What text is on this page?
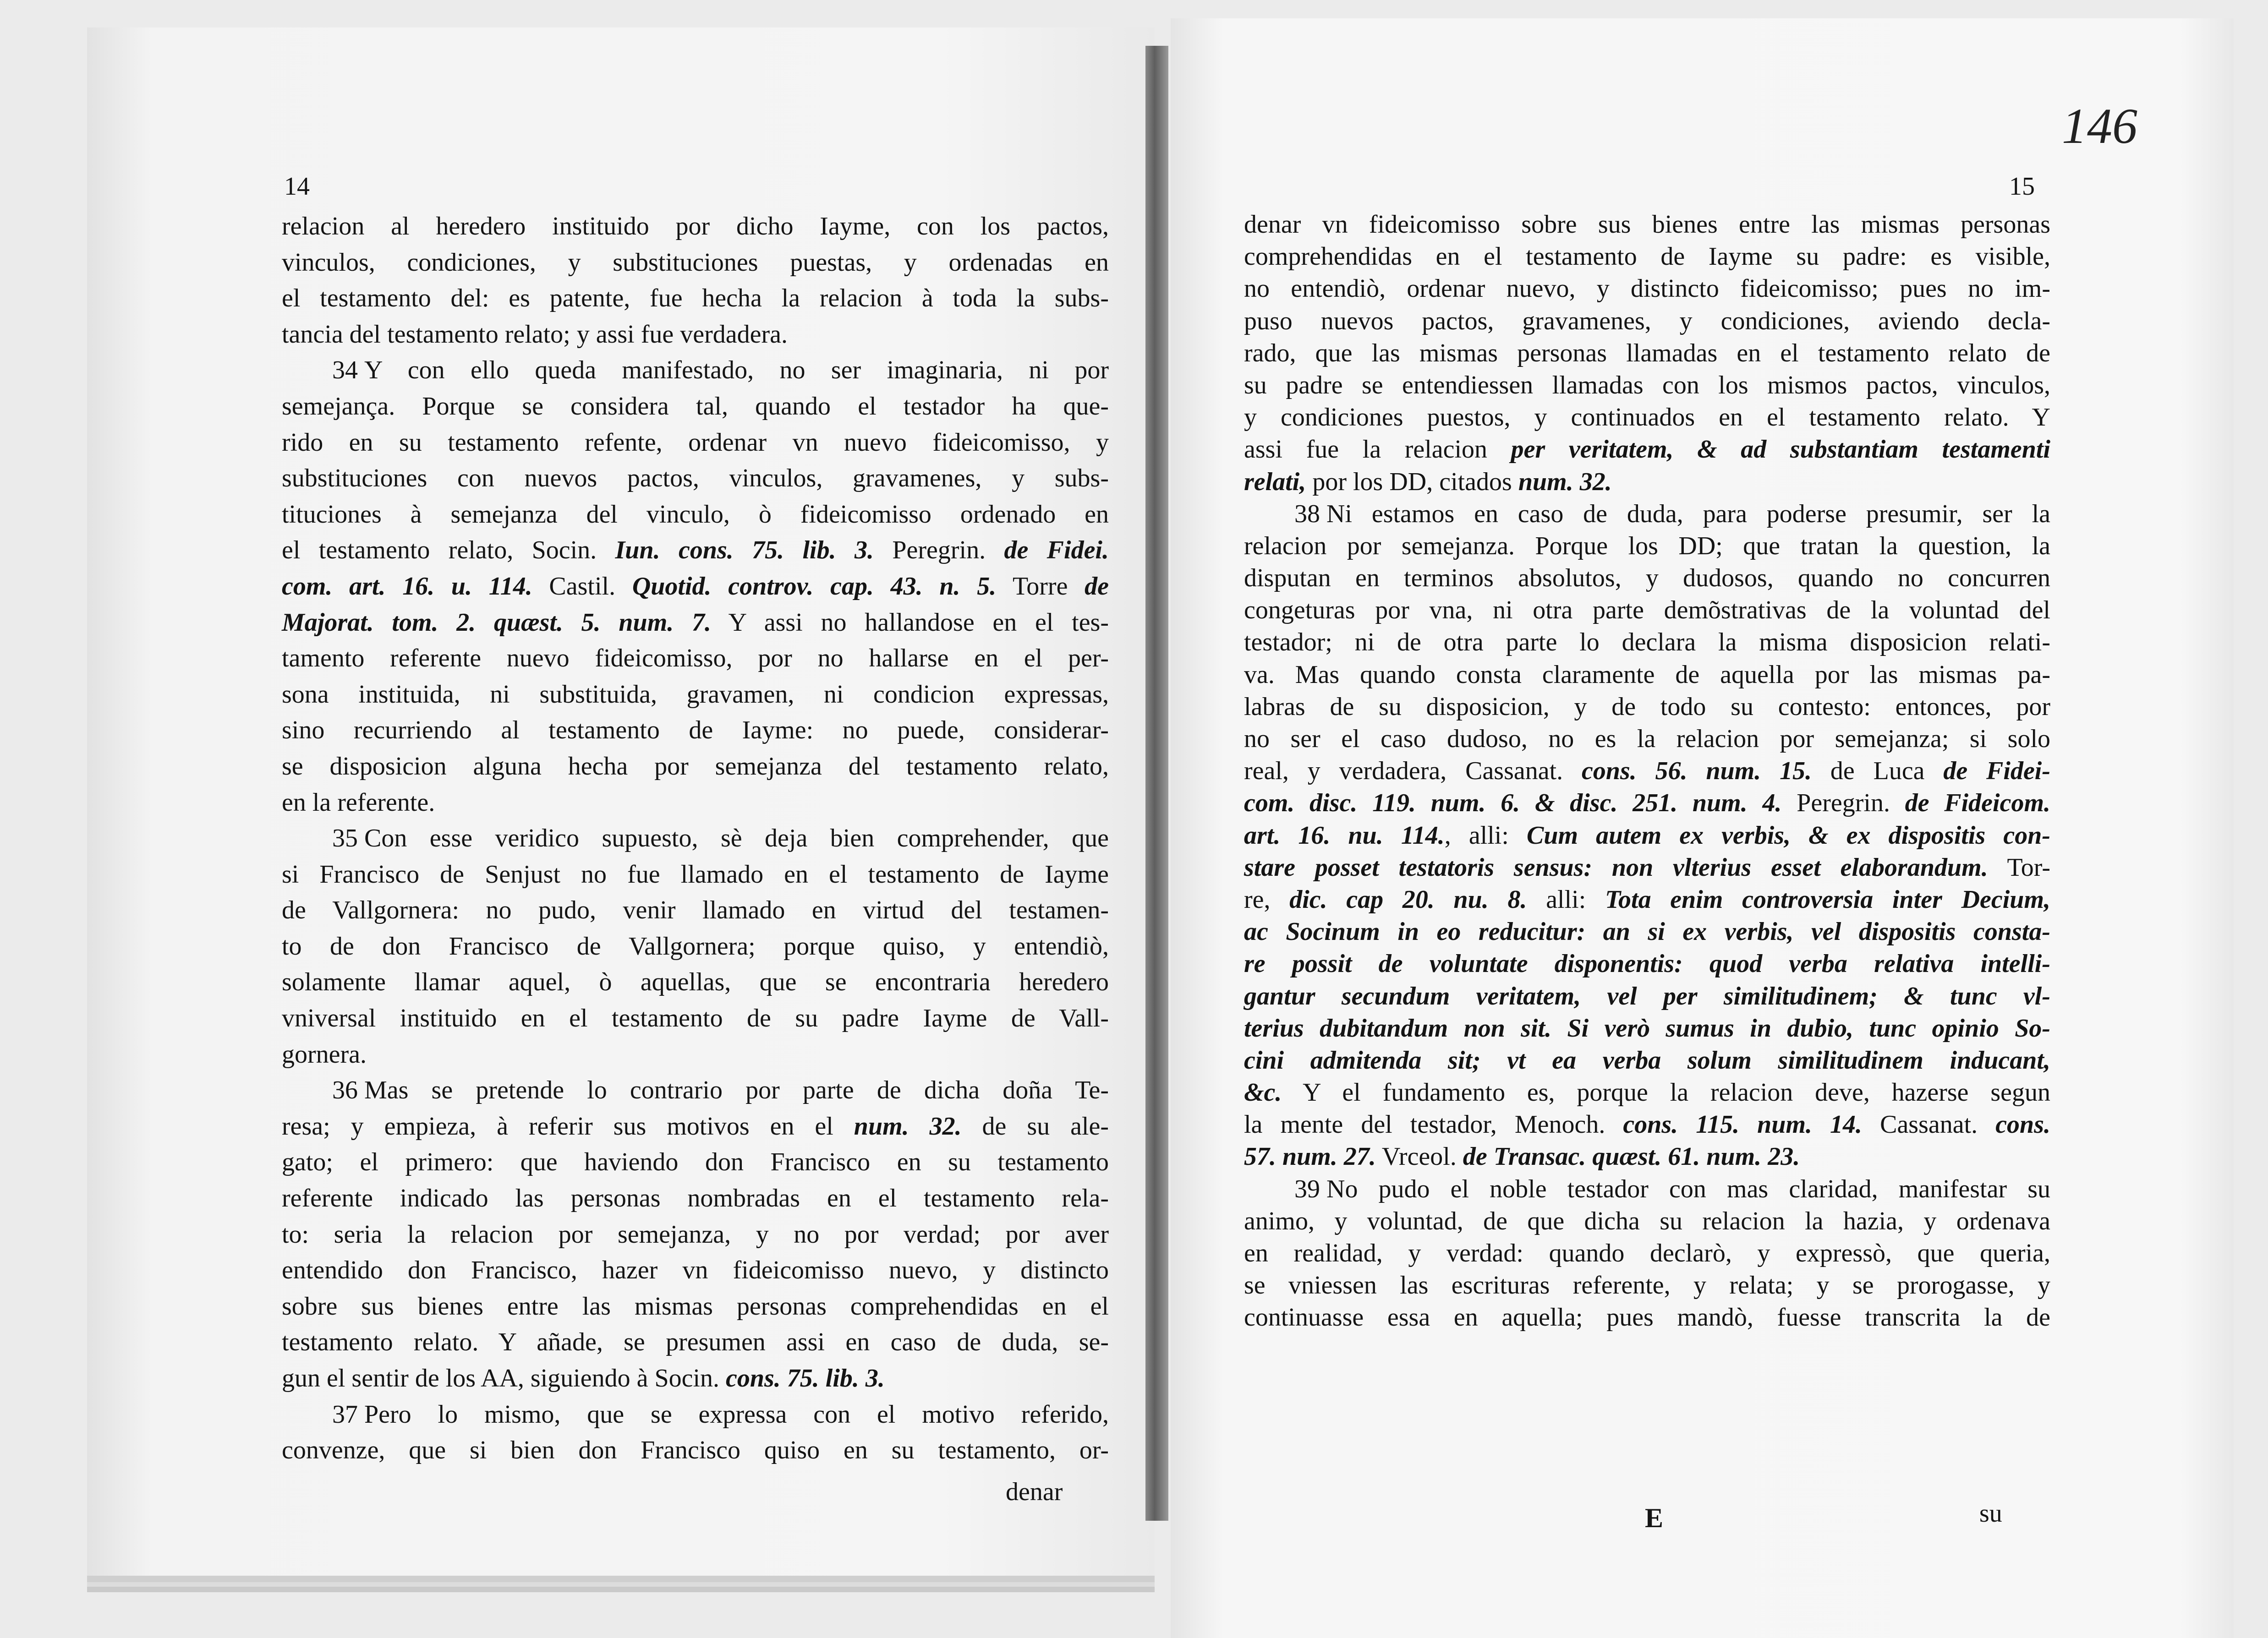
14	15
146
relacion al heredero instituido por dicho Iayme, con los pactos,
vinculos, condiciones, y substituciones puestas, y ordenadas en
el testamento del: es patente, fue hecha la relacion à toda la subs-
tancia del testamento relato; y assi fue verdadera.
34 Y con ello queda manifestado, no ser imaginaria, ni por
semejança. Porque se considera tal, quando el testador ha que-
rido en su testamento refente, ordenar vn nuevo fideicomisso, y
substituciones con nuevos pactos, vinculos, gravamenes, y subs-
tituciones à semejanza del vinculo, ò fideicomisso ordenado en
el testamento relato, Socin. Iun. cons. 75. lib. 3. Peregrin. de Fidei.
com. art. 16. u. 114. Castil. Quotid. controv. cap. 43. n. 5. Torre de
Majorat. tom. 2. quæst. 5. num. 7. Y assi no hallandose en el tes-
tamento referente nuevo fideicomisso, por no hallarse en el per-
sona instituida, ni substituida, gravamen, ni condicion expressas,
sino recurriendo al testamento de Iayme: no puede, considerar-
se disposicion alguna hecha por semejanza del testamento relato,
en la referente.
35 Con esse veridico supuesto, sè deja bien comprehender, que
si Francisco de Senjust no fue llamado en el testamento de Iayme
de Vallgornera: no pudo, venir llamado en virtud del testamen-
to de don Francisco de Vallgornera; porque quiso, y entendiò,
solamente llamar aquel, ò aquellas, que se encontraria heredero
vniversal instituido en el testamento de su padre Iayme de Vall-
gornera.
36 Mas se pretende lo contrario por parte de dicha doña Te-
resa; y empieza, à referir sus motivos en el num. 32. de su ale-
gato; el primero: que haviendo don Francisco en su testamento
referente indicado las personas nombradas en el testamento rela-
to: seria la relacion por semejanza, y no por verdad; por aver
entendido don Francisco, hazer vn fideicomisso nuevo, y distincto
sobre sus bienes entre las mismas personas comprehendidas en el
testamento relato. Y añade, se presumen assi en caso de duda, se-
gun el sentir de los AA, siguiendo à Socin. cons. 75. lib. 3.
37 Pero lo mismo, que se expressa con el motivo referido,
convenze, que si bien don Francisco quiso en su testamento, or-
denar vn fideicomisso sobre sus bienes entre las mismas personas
comprehendidas en el testamento de Iayme su padre: es visible,
no entendiò, ordenar nuevo, y distincto fideicomisso; pues no im-
puso nuevos pactos, gravamenes, y condiciones, aviendo decla-
rado, que las mismas personas llamadas en el testamento relato de
su padre se entendiessen llamadas con los mismos pactos, vinculos,
y condiciones puestos, y continuados en el testamento relato. Y
assi fue la relacion per veritatem, & ad substantiam testamenti
relati, por los DD, citados num. 32.
38 Ni estamos en caso de duda, para poderse presumir, ser la
relacion por semejanza. Porque los DD; que tratan la question, la
disputan en terminos absolutos, y dudosos, quando no concurren
congeturas por vna, ni otra parte demõstrativas de la voluntad del
testador; ni de otra parte lo declara la misma disposicion relati-
va. Mas quando consta claramente de aquella por las mismas pa-
labras de su disposicion, y de todo su contesto: entonces, por
no ser el caso dudoso, no es la relacion por semejanza; si solo
real, y verdadera, Cassanat. cons. 56. num. 15. de Luca de Fidei-
com. disc. 119. num. 6. & disc. 251. num. 4. Peregrin. de Fideicom.
art. 16. nu. 114., alli: Cum autem ex verbis, & ex dispositis con-
stare posset testatoris sensus: non vlterius esset elaborandum. Tor-
re, dic. cap 20. nu. 8. alli: Tota enim controversia inter Decium,
ac Socinum in eo reducitur: an si ex verbis, vel dispositis consta-
re possit de voluntate disponentis: quod verba relativa intelli-
gantur secundum veritatem, vel per similitudinem; & tunc vl-
terius dubitandum non sit. Si verò sumus in dubio, tunc opinio So-
cini admitenda sit; vt ea verba solum similitudinem inducant,
&c. Y el fundamento es, porque la relacion deve, hazerse segun
la mente del testador, Menoch. cons. 115. num. 14. Cassanat. cons.
57. num. 27. Vrceol. de Transac. quæst. 61. num. 23.
39 No pudo el noble testador con mas claridad, manifestar su
animo, y voluntad, de que dicha su relacion la hazia, y ordenava
en realidad, y verdad: quando declarò, y expressò, que queria,
se vniessen las escrituras referente, y relata; y se prorogasse, y
continuasse essa en aquella; pues mandò, fuesse transcrita la de
denar
E	su
